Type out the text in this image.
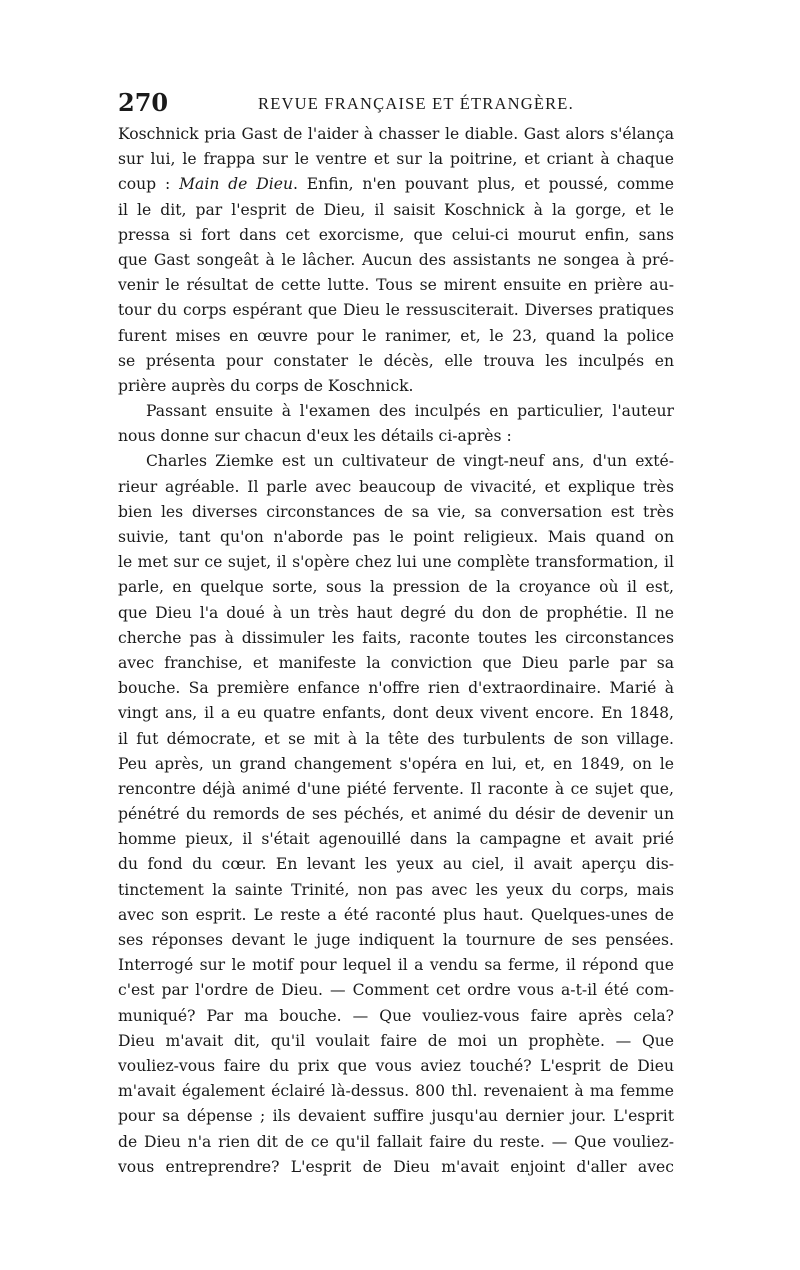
270	REVUE FRANÇAISE ET ÉTRANGÈRE.
Koschnick pria Gast de l'aider à chasser le diable. Gast alors s'élança
sur lui, le frappa sur le ventre et sur la poitrine, et criant à chaque
coup : Main de Dieu. Enfin, n'en pouvant plus, et poussé, comme
il le dit, par l'esprit de Dieu, il saisit Koschnick à la gorge, et le
pressa si fort dans cet exorcisme, que celui-ci mourut enfin, sans
que Gast songeât à le lâcher. Aucun des assistants ne songea à pré-
venir le résultat de cette lutte. Tous se mirent ensuite en prière au-
tour du corps espérant que Dieu le ressusciterait. Diverses pratiques
furent mises en œuvre pour le ranimer, et, le 23, quand la police
se présenta pour constater le décès, elle trouva les inculpés en
prière auprès du corps de Koschnick.
Passant ensuite à l'examen des inculpés en particulier, l'auteur
nous donne sur chacun d'eux les détails ci-après :
Charles Ziemke est un cultivateur de vingt-neuf ans, d'un exté-
rieur agréable. Il parle avec beaucoup de vivacité, et explique très
bien les diverses circonstances de sa vie, sa conversation est très
suivie, tant qu'on n'aborde pas le point religieux. Mais quand on
le met sur ce sujet, il s'opère chez lui une complète transformation, il
parle, en quelque sorte, sous la pression de la croyance où il est,
que Dieu l'a doué à un très haut degré du don de prophétie. Il ne
cherche pas à dissimuler les faits, raconte toutes les circonstances
avec franchise, et manifeste la conviction que Dieu parle par sa
bouche. Sa première enfance n'offre rien d'extraordinaire. Marié à
vingt ans, il a eu quatre enfants, dont deux vivent encore. En 1848,
il fut démocrate, et se mit à la tête des turbulents de son village.
Peu après, un grand changement s'opéra en lui, et, en 1849, on le
rencontre déjà animé d'une piété fervente. Il raconte à ce sujet que,
pénétré du remords de ses péchés, et animé du désir de devenir un
homme pieux, il s'était agenouillé dans la campagne et avait prié
du fond du cœur. En levant les yeux au ciel, il avait aperçu dis-
tinctement la sainte Trinité, non pas avec les yeux du corps, mais
avec son esprit. Le reste a été raconté plus haut. Quelques-unes de
ses réponses devant le juge indiquent la tournure de ses pensées.
Interrogé sur le motif pour lequel il a vendu sa ferme, il répond que
c'est par l'ordre de Dieu. — Comment cet ordre vous a-t-il été com-
muniqué? Par ma bouche. — Que vouliez-vous faire après cela?
Dieu m'avait dit, qu'il voulait faire de moi un prophète. — Que
vouliez-vous faire du prix que vous aviez touché? L'esprit de Dieu
m'avait également éclairé là-dessus. 800 thl. revenaient à ma femme
pour sa dépense ; ils devaient suffire jusqu'au dernier jour. L'esprit
de Dieu n'a rien dit de ce qu'il fallait faire du reste. — Que vouliez-
vous entreprendre? L'esprit de Dieu m'avait enjoint d'aller avec
